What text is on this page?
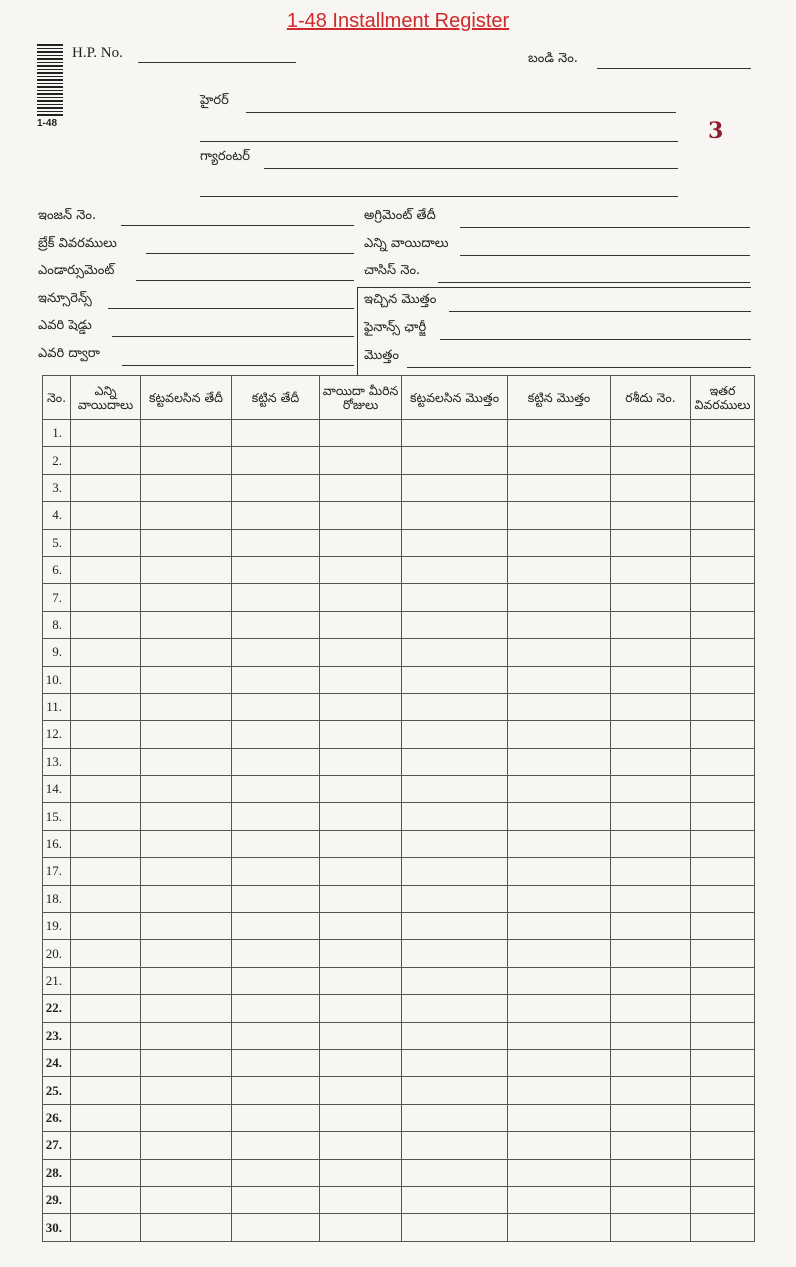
1-48 Installment Register
1-48	3
H.P. No.	బండి నెం.
హైరర్
గ్యారంటర్
ఇంజన్ నెం.
బ్రేక్ వివరములు
ఎండార్సుమెంట్
ఇన్సూరెన్స్
ఎవరి షెడ్డు
ఎవరి ద్వారా
అగ్రిమెంట్ తేదీ
ఎన్ని వాయిదాలు
చాసిస్ నెం.
ఇచ్చిన మొత్తం
ఫైనాన్స్ ఛార్జీ
మొత్తం
నెం.	ఎన్ని వాయిదాలు	కట్టవలసిన తేదీ	కట్టిన తేదీ	వాయిదా మీరిన రోజులు	కట్టవలసిన మొత్తం	కట్టిన మొత్తం	రశీదు నెం.	ఇతర వివరములు
1.								
2.								
3.								
4.								
5.								
6.								
7.								
8.								
9.								
10.								
11.								
12.								
13.								
14.								
15.								
16.								
17.								
18.								
19.								
20.								
21.								
22.								
23.								
24.								
25.								
26.								
27.								
28.								
29.								
30.								
